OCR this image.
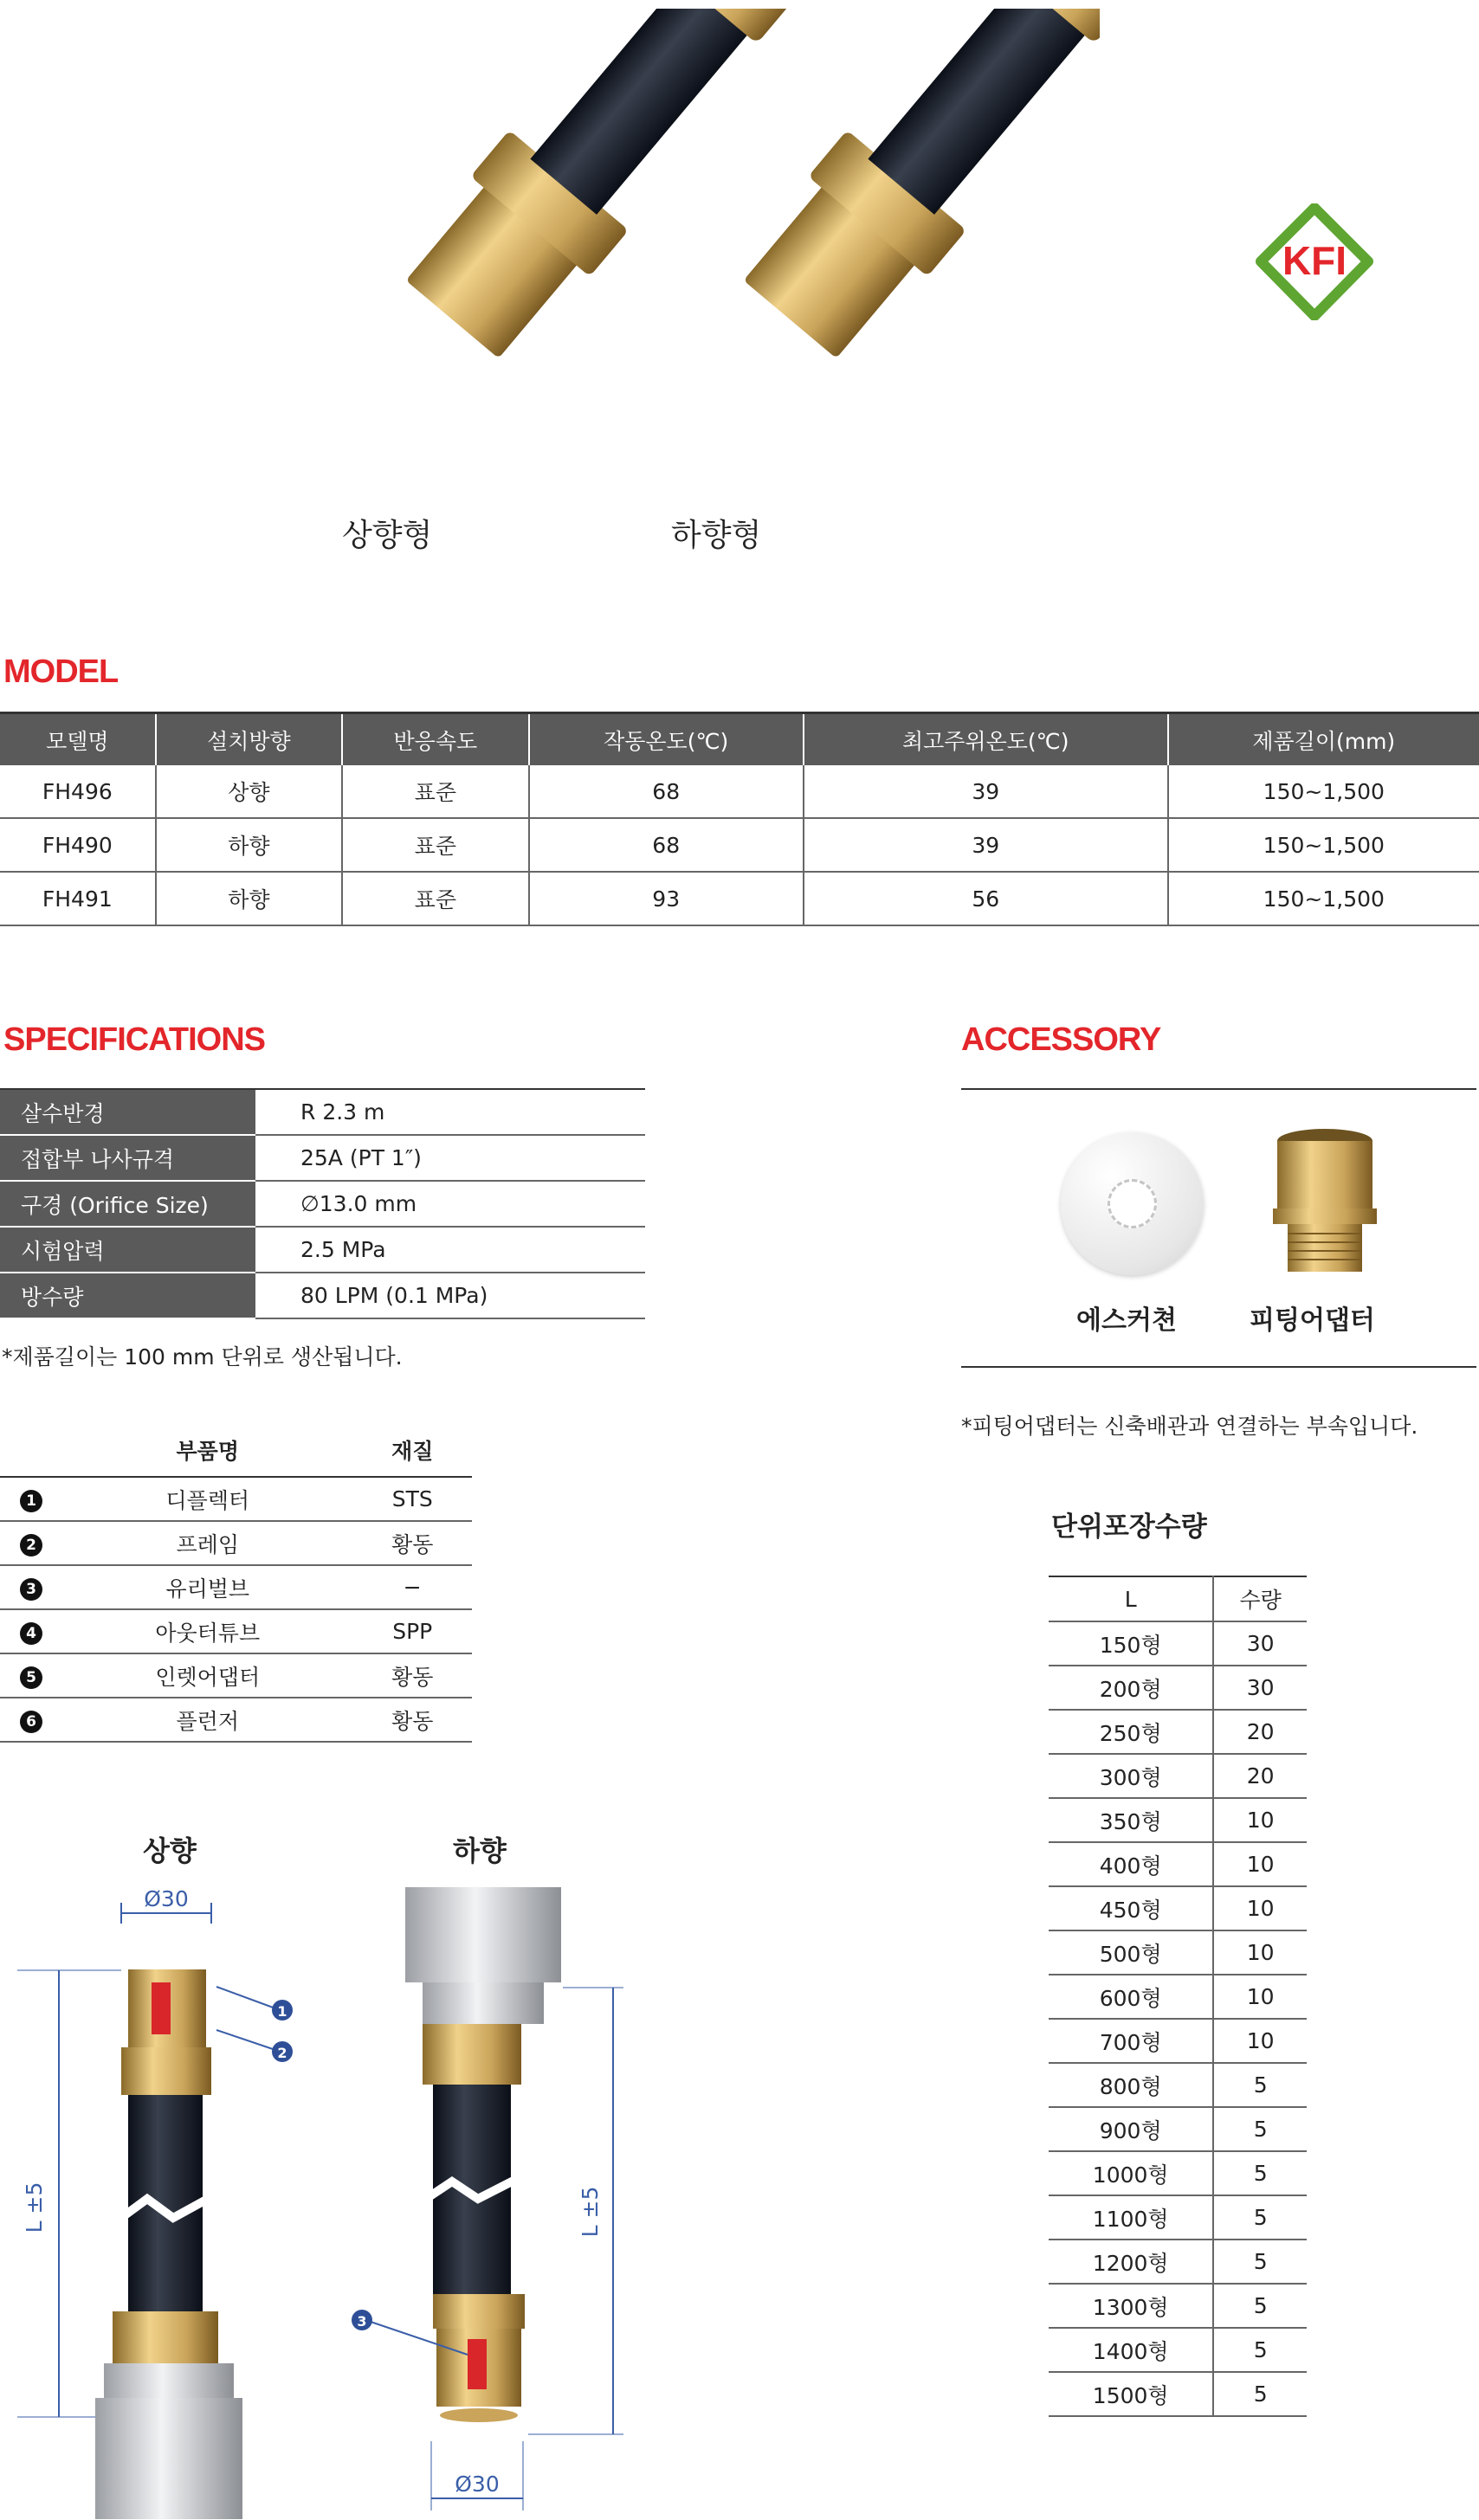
상향형	하향형
KFI
MODEL
모델명	설치방향	반응속도	작동온도(℃)	최고주위온도(℃)	제품길이(mm)
FH496	상향	표준	68	39	150~1,500
FH490	하향	표준	68	39	150~1,500
FH491	하향	표준	93	56	150~1,500
SPECIFICATIONS
살수반경	R 2.3 m
접합부 나사규격	25A (PT 1″)
구경 (Orifice Size)	∅13.0 mm
시험압력	2.5 MPa
방수량	80 LPM (0.1 MPa)
*제품길이는 100 mm 단위로 생산됩니다.
	부품명	재질
1	디플렉터	STS
2	프레임	황동
3	유리벌브	−
4	아웃터튜브	SPP
5	인렛어댑터	황동
6	플런저	황동
ACCESSORY
에스커쳔	피팅어댑터
*피팅어댑터는 신축배관과 연결하는 부속입니다.
단위포장수량
L	수량
150형	30
200형	30
250형	20
300형	20
350형	10
400형	10
450형	10
500형	10
600형	10
700형	10
800형	5
900형	5
1000형	5
1100형	5
1200형	5
1300형	5
1400형	5
1500형	5
상향	하향
Ø30
L ±5
1
2
L ±5
Ø30
3
